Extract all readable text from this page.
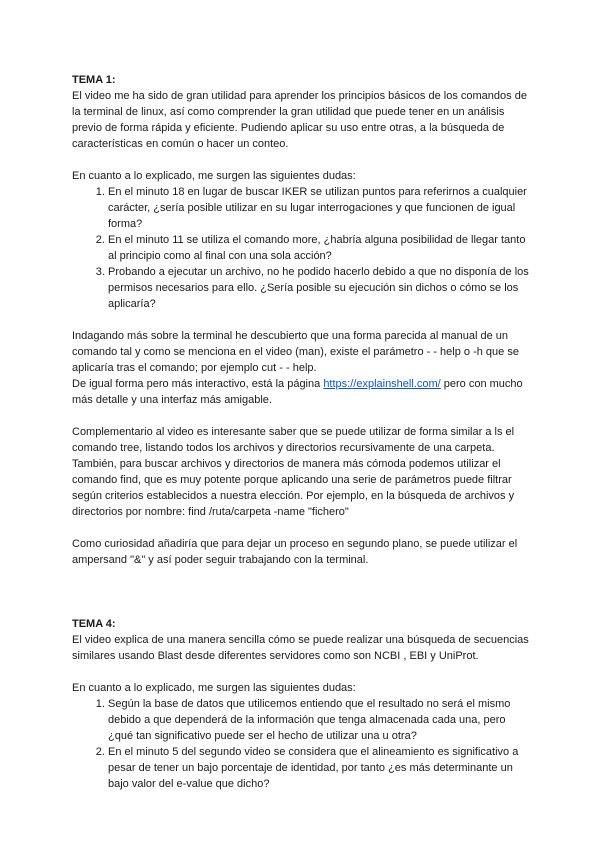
TEMA 1:

El video me ha sido de gran utilidad para aprender los principios básicos de los comandos de la terminal de linux, así como comprender la gran utilidad que puede tener en un análisis previo de forma rápida y eficiente. Pudiendo aplicar su uso entre otras, a la búsqueda de características en común o hacer un conteo.

En cuanto a lo explicado, me surgen las siguientes dudas:

1. En el minuto 18 en lugar de buscar IKER se utilizan puntos para referirnos a cualquier carácter, ¿sería posible utilizar en su lugar interrogaciones y que funcionen de igual forma?
2. En el minuto 11 se utiliza el comando more, ¿habría alguna posibilidad de llegar tanto al principio como al final con una sola acción?
3. Probando a ejecutar un archivo, no he podido hacerlo debido a que no disponía de los permisos necesarios para ello. ¿Sería posible su ejecución sin dichos o cómo se los aplicaría?

Indagando más sobre la terminal he descubierto que una forma parecida al manual de un comando tal y como se menciona en el video (man), existe el parámetro - - help o -h que se aplicaría tras el comando; por ejemplo cut - - help.

De igual forma pero más interactivo, está la página https://explainshell.com/ pero con mucho más detalle y una interfaz más amigable.

Complementario al video es interesante saber que se puede utilizar de forma similar a ls el comando tree, listando todos los archivos y directorios recursivamente de una carpeta. También, para buscar archivos y directorios de manera más cómoda podemos utilizar el comando find, que es muy potente porque aplicando una serie de parámetros puede filtrar según criterios establecidos a nuestra elección. Por ejemplo, en la búsqueda de archivos y directorios por nombre: find /ruta/carpeta -name "fichero"

Como curiosidad añadiría que para dejar un proceso en segundo plano, se puede utilizar el ampersand "&" y así poder seguir trabajando con la terminal.

TEMA 4:

El video explica de una manera sencilla cómo se puede realizar una búsqueda de secuencias similares usando Blast desde diferentes servidores como son NCBI , EBI y UniProt.

En cuanto a lo explicado, me surgen las siguientes dudas:

1. Según la base de datos que utilicemos entiendo que el resultado no será el mismo debido a que dependerá de la información que tenga almacenada cada una, pero ¿qué tan significativo puede ser el hecho de utilizar una u otra?
2. En el minuto 5 del segundo video se considera que el alineamiento es significativo a pesar de tener un bajo porcentaje de identidad, por tanto ¿es más determinante un bajo valor del e-value que dicho?
